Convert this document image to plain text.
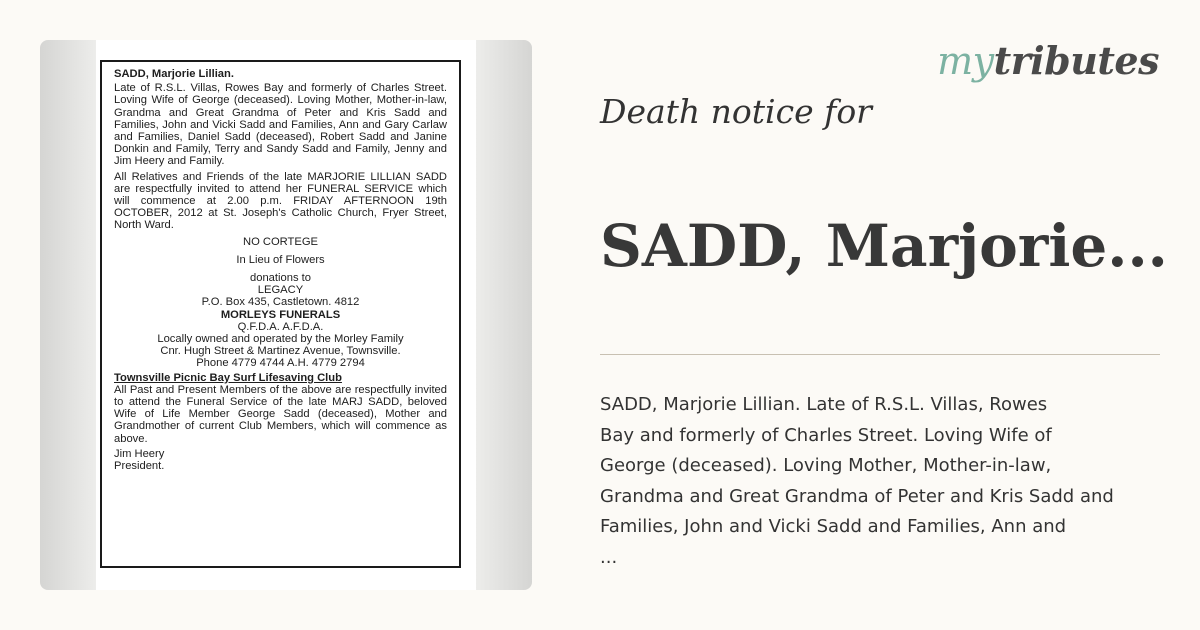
SADD, Marjorie Lillian.

Late of R.S.L. Villas, Rowes Bay and formerly of Charles Street. Loving Wife of George (deceased). Loving Mother, Mother-in-law, Grandma and Great Grandma of Peter and Kris Sadd and Families, John and Vicki Sadd and Families, Ann and Gary Carlaw and Families, Daniel Sadd (deceased), Robert Sadd and Janine Donkin and Family, Terry and Sandy Sadd and Family, Jenny and Jim Heery and Family.

All Relatives and Friends of the late MARJORIE LILLIAN SADD are respectfully invited to attend her FUNERAL SERVICE which will commence at 2.00 p.m. FRIDAY AFTERNOON 19th OCTOBER, 2012 at St. Joseph's Catholic Church, Fryer Street, North Ward.

NO CORTEGE

In Lieu of Flowers

donations to

LEGACY

P.O. Box 435, Castletown. 4812

MORLEYS FUNERALS

Q.F.D.A. A.F.D.A.

Locally owned and operated by the Morley Family

Cnr. Hugh Street & Martinez Avenue, Townsville.

Phone 4779 4744 A.H. 4779 2794

Townsville Picnic Bay Surf Lifesaving Club

All Past and Present Members of the above are respectfully invited to attend the Funeral Service of the late MARJ SADD, beloved Wife of Life Member George Sadd (deceased), Mother and Grandmother of current Club Members, which will commence as above.

Jim Heery

President.

mytributes
Death notice for
SADD, Marjorie...
SADD, Marjorie Lillian. Late of R.S.L. Villas, Rowes
Bay and formerly of Charles Street. Loving Wife of
George (deceased). Loving Mother, Mother-in-law,
Grandma and Great Grandma of Peter and Kris Sadd and
Families, John and Vicki Sadd and Families, Ann and
...
